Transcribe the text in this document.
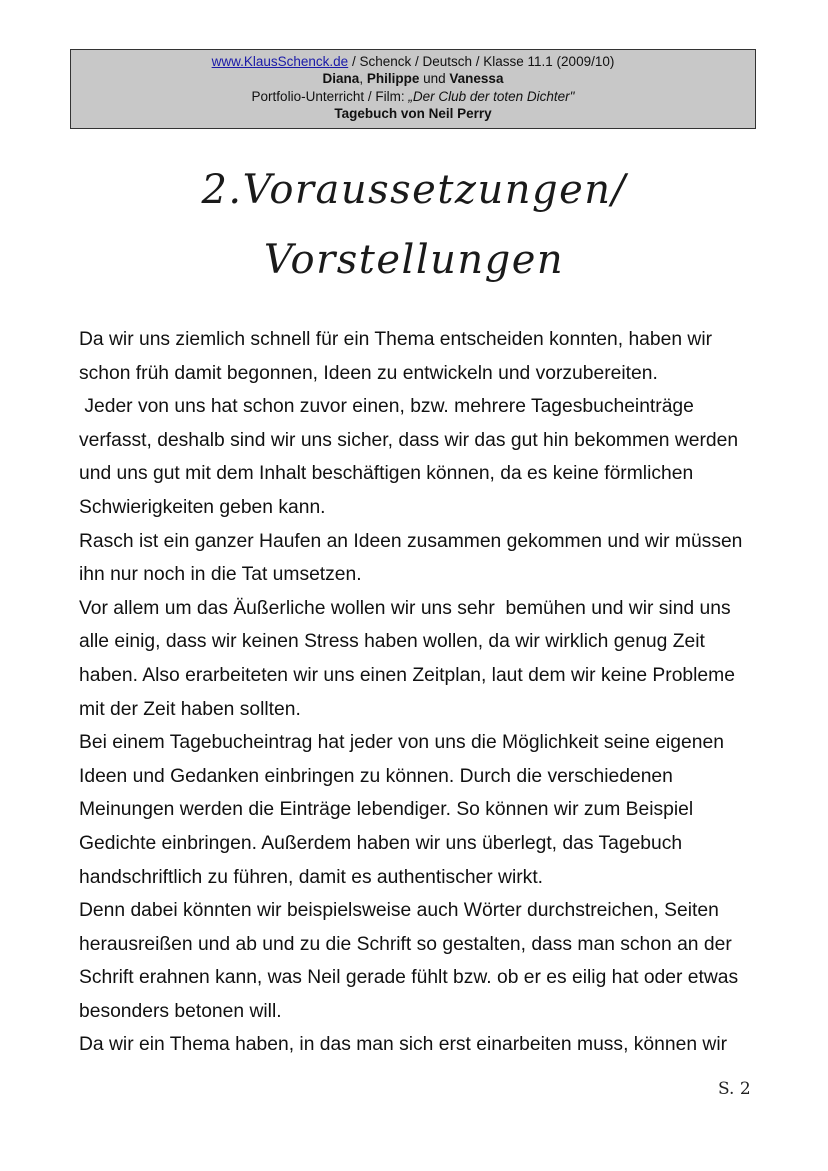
www.KlausSchenck.de / Schenck / Deutsch / Klasse 11.1 (2009/10)
Diana, Philippe und Vanessa
Portfolio-Unterricht / Film: „Der Club der toten Dichter"
Tagebuch von Neil Perry
2.Voraussetzungen/
Vorstellungen
Da wir uns ziemlich schnell für ein Thema entscheiden konnten, haben wir
schon früh damit begonnen, Ideen zu entwickeln und vorzubereiten.
Jeder von uns hat schon zuvor einen, bzw. mehrere Tagesbucheinträge
verfasst, deshalb sind wir uns sicher, dass wir das gut hin bekommen werden
und uns gut mit dem Inhalt beschäftigen können, da es keine förmlichen
Schwierigkeiten geben kann.
Rasch ist ein ganzer Haufen an Ideen zusammen gekommen und wir müssen
ihn nur noch in die Tat umsetzen.
Vor allem um das Äußerliche wollen wir uns sehr  bemühen und wir sind uns
alle einig, dass wir keinen Stress haben wollen, da wir wirklich genug Zeit
haben. Also erarbeiteten wir uns einen Zeitplan, laut dem wir keine Probleme
mit der Zeit haben sollten.
Bei einem Tagebucheintrag hat jeder von uns die Möglichkeit seine eigenen
Ideen und Gedanken einbringen zu können. Durch die verschiedenen
Meinungen werden die Einträge lebendiger. So können wir zum Beispiel
Gedichte einbringen. Außerdem haben wir uns überlegt, das Tagebuch
handschriftlich zu führen, damit es authentischer wirkt.
Denn dabei könnten wir beispielsweise auch Wörter durchstreichen, Seiten
herausreißen und ab und zu die Schrift so gestalten, dass man schon an der
Schrift erahnen kann, was Neil gerade fühlt bzw. ob er es eilig hat oder etwas
besonders betonen will.
Da wir ein Thema haben, in das man sich erst einarbeiten muss, können wir
S. 2
